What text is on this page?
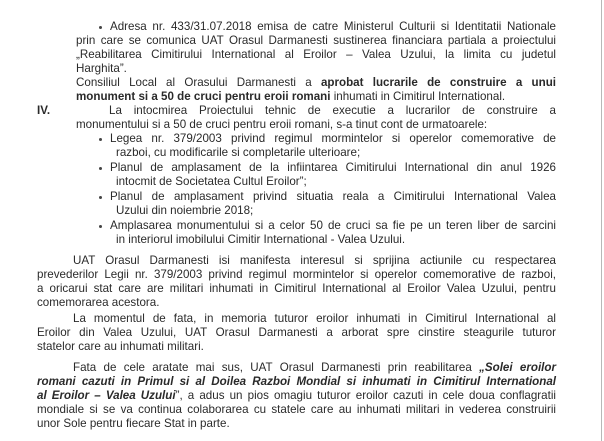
Adresa nr. 433/31.07.2018 emisa de catre Ministerul Culturii si Identitatii Nationale
prin care se comunica UAT Orasul Darmanesti sustinerea financiara partiala a proiectului
„Reabilitarea Cimitirului International al Eroilor – Valea Uzului, la limita cu judetul
Harghita”.
Consiliul Local al Orasului Darmanesti a aprobat lucrarile de construire a unui
monument si a 50 de cruci pentru eroii romani inhumati in Cimitirul International.
IV.	La intocmirea Proiectului tehnic de executie a lucrarilor de construire a
monumentului si a 50 de cruci pentru eroii romani, s-a tinut cont de urmatoarele:
Legea nr. 379/2003 privind regimul mormintelor si operelor comemorative de
razboi, cu modificarile si completarile ulterioare;
Planul de amplasament de la infiintarea Cimitirului International din anul 1926
intocmit de Societatea Cultul Eroilor”;
Planul de amplasament privind situatia reala a Cimitirului International Valea
Uzului din noiembrie 2018;
Amplasarea monumentului si a celor 50 de cruci sa fie pe un teren liber de sarcini
in interiorul imobilului Cimitir International - Valea Uzului.
UAT Orasul Darmanesti isi manifesta interesul si sprijina actiunile cu respectarea
prevederilor Legii nr. 379/2003 privind regimul mormintelor si operelor comemorative de razboi,
a oricarui stat care are militari inhumati in Cimitirul International al Eroilor Valea Uzului, pentru
comemorarea acestora.
La momentul de fata, in memoria tuturor eroilor inhumati in Cimitirul International al
Eroilor din Valea Uzului, UAT Orasul Darmanesti a arborat spre cinstire steagurile tuturor
statelor care au inhumati militari.
Fata de cele aratate mai sus, UAT Orasul Darmanesti prin reabilitarea „Solei eroilor
romani cazuti in Primul si al Doilea Razboi Mondial si inhumati in Cimitirul International
al Eroilor – Valea Uzului”, a adus un pios omagiu tuturor eroilor cazuti in cele doua conflagratii
mondiale si se va continua colaborarea cu statele care au inhumati militari in vederea construirii
unor Sole pentru fiecare Stat in parte.
